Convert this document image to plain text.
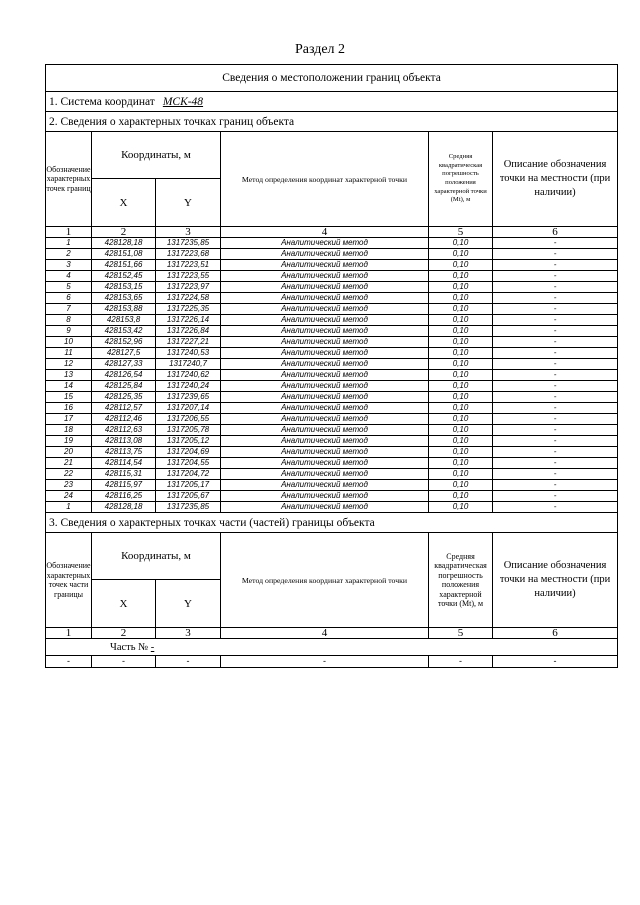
Раздел 2
Сведения о местоположении границ объекта					
1. Система координат МСК-48					
2. Сведения о характерных точках границ объекта					
Обозначение характерных точек границ	Координаты, м		Метод определения координат характерной точки	Средняя квадратическая погрешность положения характерной точки (Mt), м	Описание обозначения точки на местности (при наличии)
	X	Y			
1	2	3	4	5	6
1	428128,18	1317235,85	Аналитический метод	0,10	-
2	428151,08	1317223,68	Аналитический метод	0,10	-
3	428151,66	1317223,51	Аналитический метод	0,10	-
4	428152,45	1317223,55	Аналитический метод	0,10	-
5	428153,15	1317223,97	Аналитический метод	0,10	-
6	428153,65	1317224,58	Аналитический метод	0,10	-
7	428153,88	1317225,35	Аналитический метод	0,10	-
8	428153,8	1317226,14	Аналитический метод	0,10	-
9	428153,42	1317226,84	Аналитический метод	0,10	-
10	428152,96	1317227,21	Аналитический метод	0,10	-
11	428127,5	1317240,53	Аналитический метод	0,10	-
12	428127,33	1317240,7	Аналитический метод	0,10	-
13	428126,54	1317240,62	Аналитический метод	0,10	-
14	428125,84	1317240,24	Аналитический метод	0,10	-
15	428125,35	1317239,65	Аналитический метод	0,10	-
16	428112,57	1317207,14	Аналитический метод	0,10	-
17	428112,46	1317206,55	Аналитический метод	0,10	-
18	428112,63	1317205,78	Аналитический метод	0,10	-
19	428113,08	1317205,12	Аналитический метод	0,10	-
20	428113,75	1317204,69	Аналитический метод	0,10	-
21	428114,54	1317204,55	Аналитический метод	0,10	-
22	428115,31	1317204,72	Аналитический метод	0,10	-
23	428115,97	1317205,17	Аналитический метод	0,10	-
24	428116,25	1317205,67	Аналитический метод	0,10	-
1	428128,18	1317235,85	Аналитический метод	0,10	-
3. Сведения о характерных точках части (частей) границы объекта					
Обозначение характерных точек части границы	Координаты, м		Метод определения координат характерной точки	Средняя квадратическая погрешность положения характерной точки (Mt), м	Описание обозначения точки на местности (при наличии)
	X	Y			
1	2	3	4	5	6
Часть № -					
-	-	-	-	-	-
